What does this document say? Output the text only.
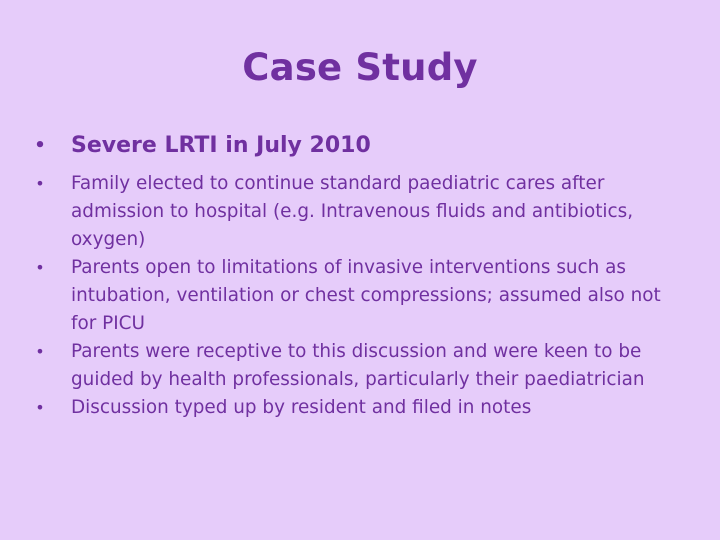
Case Study
• Severe LRTI in July 2010
• Family elected to continue standard paediatric cares after admission to hospital (e.g. Intravenous fluids and antibiotics, oxygen)
• Parents open to limitations of invasive interventions such as intubation, ventilation or chest compressions; assumed also not for PICU
• Parents were receptive to this discussion and were keen to be guided by health professionals, particularly their paediatrician
• Discussion typed up by resident and filed in notes
